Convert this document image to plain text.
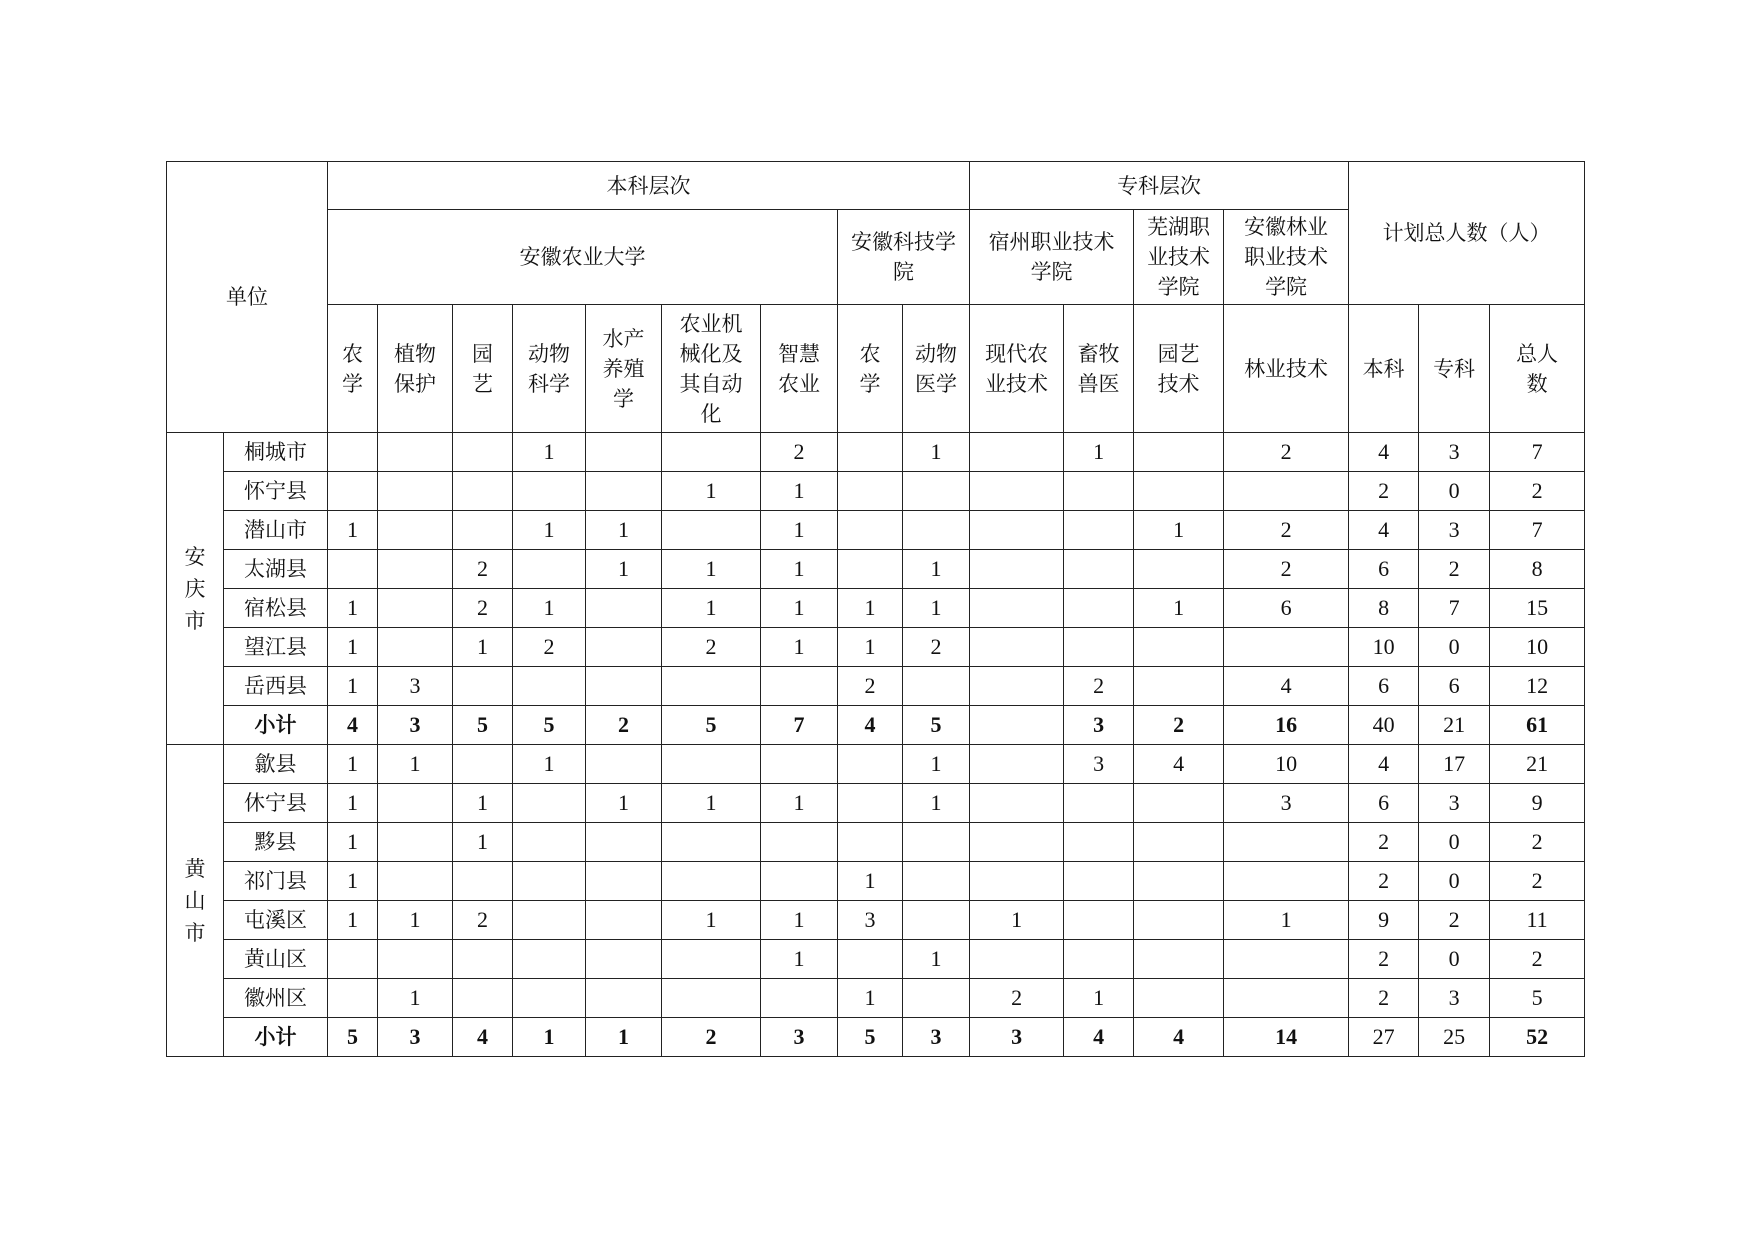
单位		本科层次									专科层次				计划总人数（人）		
		安徽农业大学							安徽科技学院		宿州职业技术学院		芜湖职业技术学院	安徽林业职业技术学院			

		农学	植物保护	园艺	动物科学	水产养殖学	农业机械化及其自动化	智慧农业	农学	动物医学	现代农业技术	畜牧兽医	园艺技术	林业技术	本科	专科	总人数

安庆市	桐城市				1			2		1		1		2	4	3	7
	怀宁县						1	1							2	0	2
	潜山市	1			1	1		1					1	2	4	3	7
	太湖县			2		1	1	1		1				2	6	2	8
	宿松县	1		2	1		1	1	1	1			1	6	8	7	15
	望江县	1		1	2		2	1	1	2					10	0	10
	岳西县	1	3						2			2		4	6	6	12
	小计	4	3	5	5	2	5	7	4	5		3	2	16	40	21	61
黄山市	歙县	1	1		1					1		3	4	10	4	17	21
	休宁县	1		1		1	1	1		1				3	6	3	9
	黟县	1		1											2	0	2
	祁门县	1							1						2	0	2
	屯溪区	1	1	2			1	1	3		1			1	9	2	11
	黄山区							1		1					2	0	2
	徽州区		1						1		2	1			2	3	5
	小计	5	3	4	1	1	2	3	5	3	3	4	4	14	27	25	52
